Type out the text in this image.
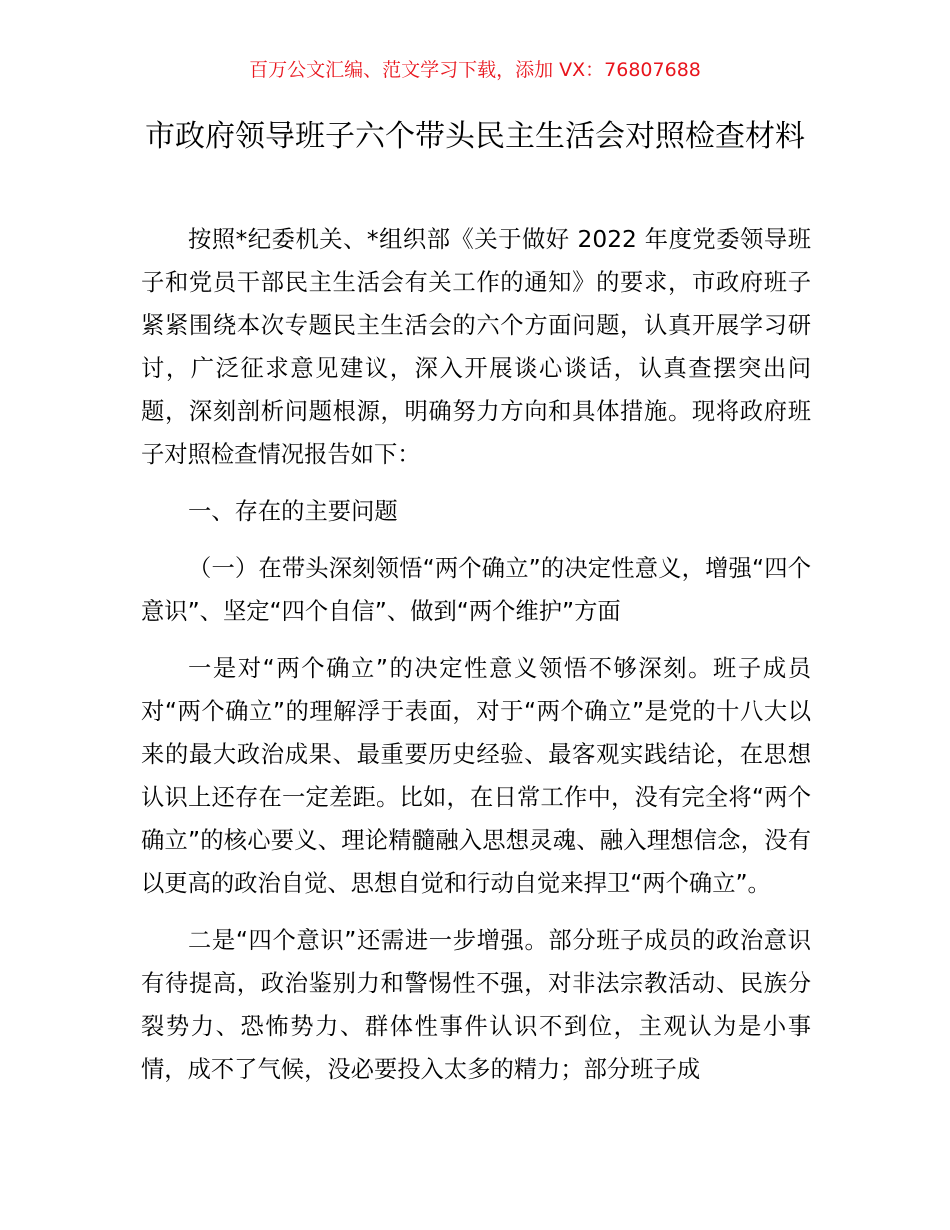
百万公文汇编、范文学习下载，添加 VX：76807688
市政府领导班子六个带头民主生活会对照检查材料

按照*纪委机关、*组织部《关于做好 2022 年度党委领导班子和党员干部民主生活会有关工作的通知》的要求，市政府班子紧紧围绕本次专题民主生活会的六个方面问题，认真开展学习研讨，广泛征求意见建议，深入开展谈心谈话，认真查摆突出问题，深刻剖析问题根源，明确努力方向和具体措施。现将政府班子对照检查情况报告如下：

一、存在的主要问题

（一）在带头深刻领悟“两个确立”的决定性意义，增强“四个意识”、坚定“四个自信”、做到“两个维护”方面

一是对“两个确立”的决定性意义领悟不够深刻。班子成员对“两个确立”的理解浮于表面，对于“两个确立”是党的十八大以来的最大政治成果、最重要历史经验、最客观实践结论，在思想认识上还存在一定差距。比如，在日常工作中，没有完全将“两个确立”的核心要义、理论精髓融入思想灵魂、融入理想信念，没有以更高的政治自觉、思想自觉和行动自觉来捍卫“两个确立”。

二是“四个意识”还需进一步增强。部分班子成员的政治意识有待提高，政治鉴别力和警惕性不强，对非法宗教活动、民族分裂势力、恐怖势力、群体性事件认识不到位，主观认为是小事情，成不了气候，没必要投入太多的精力；部分班子成
